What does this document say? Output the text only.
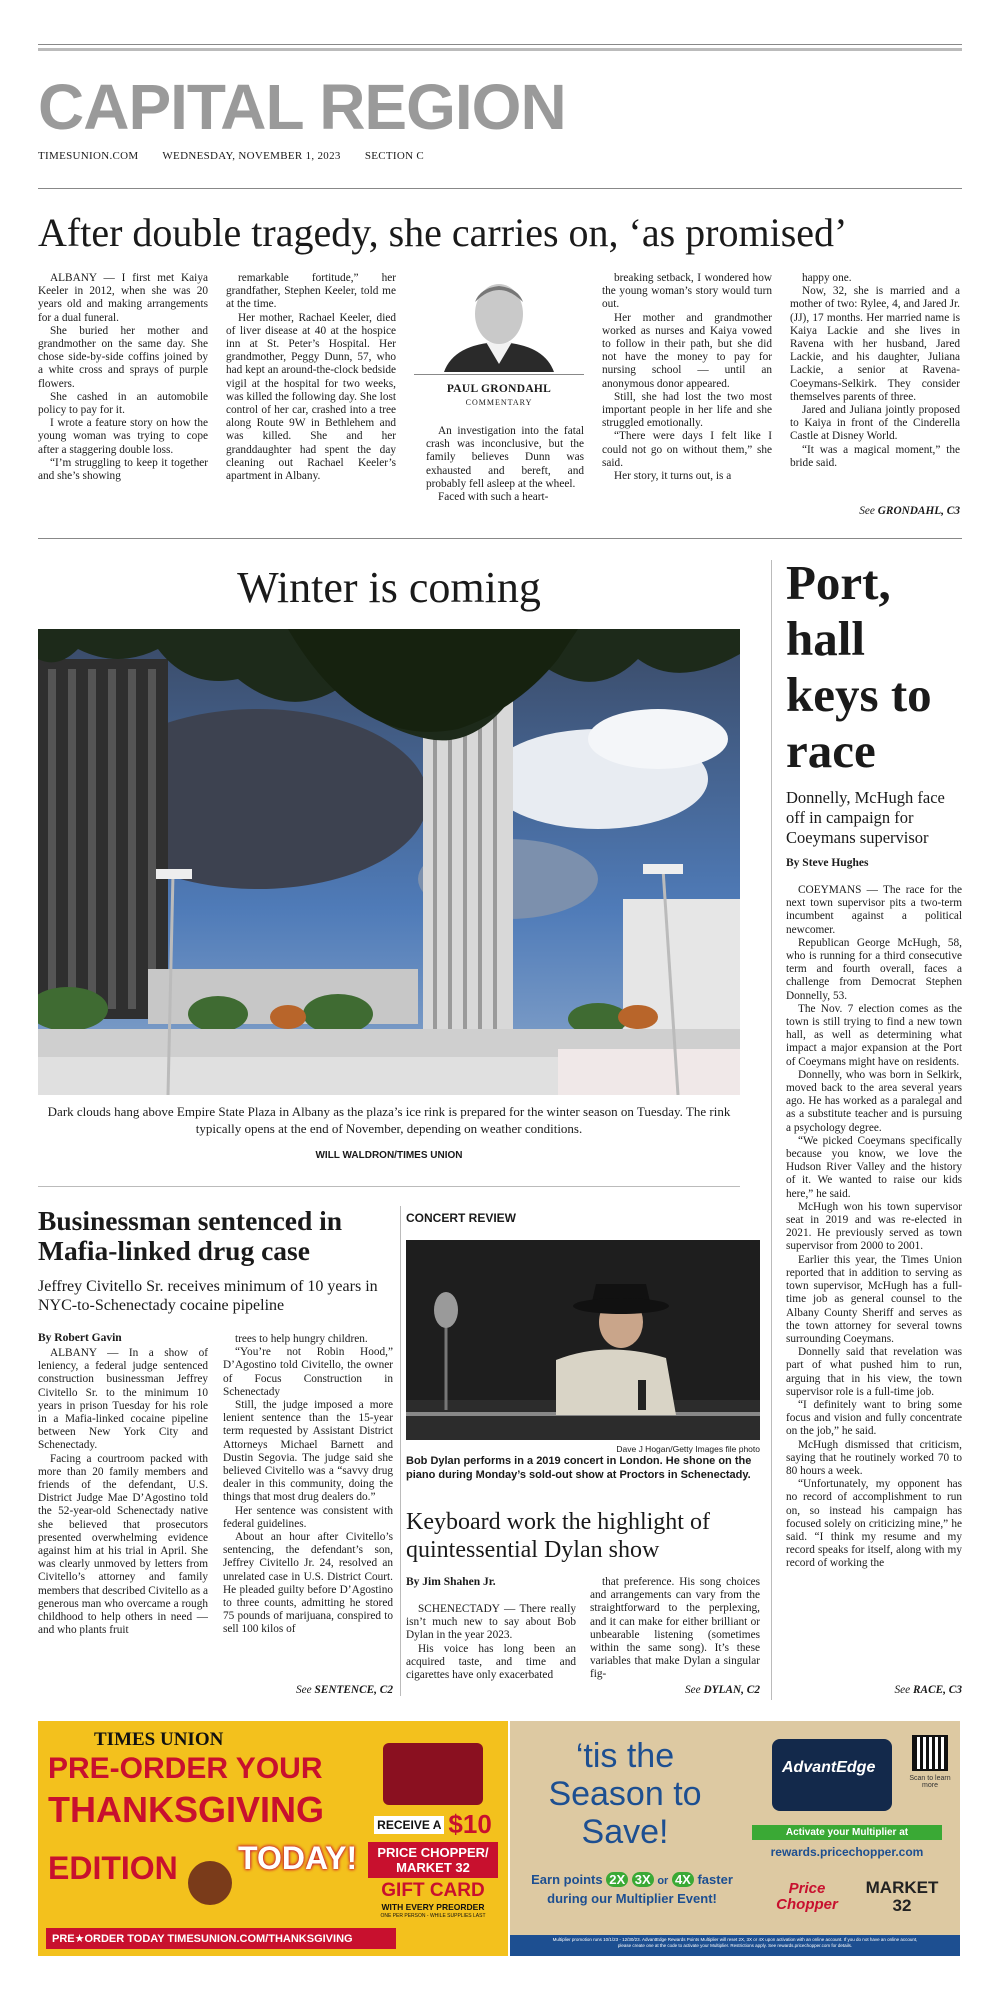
CAPITAL REGION
TIMESUNION.COM WEDNESDAY, NOVEMBER 1, 2023 SECTION C
After double tragedy, she carries on, ‘as promised’

ALBANY — I first met Kaiya Keeler in 2012, when she was 20 years old and making arrangements for a dual funeral.

She buried her mother and grandmother on the same day. She chose side-by-side coffins joined by a white cross and sprays of purple flowers.

She cashed in an automobile policy to pay for it.

I wrote a feature story on how the young woman was trying to cope after a staggering double loss.

“I’m struggling to keep it together and she’s showing

remarkable fortitude,” her grandfather, Stephen Keeler, told me at the time.

Her mother, Rachael Keeler, died of liver disease at 40 at the hospice inn at St. Peter’s Hospital. Her grandmother, Peggy Dunn, 57, who had kept an around-the-clock bedside vigil at the hospital for two weeks, was killed the following day. She lost control of her car, crashed into a tree along Route 9W in Bethlehem and was killed. She and her granddaughter had spent the day cleaning out Rachael Keeler’s apartment in Albany.

PAUL GRONDAHL
COMMENTARY

An investigation into the fatal crash was inconclusive, but the family believes Dunn was exhausted and bereft, and probably fell asleep at the wheel.

Faced with such a heart-

breaking setback, I wondered how the young woman’s story would turn out.

Her mother and grandmother worked as nurses and Kaiya vowed to follow in their path, but she did not have the money to pay for nursing school — until an anonymous donor appeared.

Still, she had lost the two most important people in her life and she struggled emotionally.

“There were days I felt like I could not go on without them,” she said.

Her story, it turns out, is a

happy one.

Now, 32, she is married and a mother of two: Rylee, 4, and Jared Jr. (JJ), 17 months. Her married name is Kaiya Lackie and she lives in Ravena with her husband, Jared Lackie, and his daughter, Juliana Lackie, a senior at Ravena-Coeymans-Selkirk. They consider themselves parents of three.

Jared and Juliana jointly proposed to Kaiya in front of the Cinderella Castle at Disney World.

“It was a magical moment,” the bride said.

See GRONDAHL, C3
Winter is coming
Dark clouds hang above Empire State Plaza in Albany as the plaza’s ice rink is prepared for the winter season on Tuesday. The rink typically opens at the end of November, depending on weather conditions.
WILL WALDRON/TIMES UNION
Businessman sentenced in Mafia-linked drug case
Jeffrey Civitello Sr. receives minimum of 10 years in NYC-to-Schenectady cocaine pipeline
By Robert Gavin

ALBANY — In a show of leniency, a federal judge sentenced construction businessman Jeffrey Civitello Sr. to the minimum 10 years in prison Tuesday for his role in a Mafia-linked cocaine pipeline between New York City and Schenectady.

Facing a courtroom packed with more than 20 family members and friends of the defendant, U.S. District Judge Mae D’Agostino told the 52-year-old Schenectady native she believed that prosecutors presented overwhelming evidence against him at his trial in April. She was clearly unmoved by letters from Civitello’s attorney and family members that described Civitello as a generous man who overcame a rough childhood to help others in need —and who plants fruit

trees to help hungry children.

“You’re not Robin Hood,” D’Agostino told Civitello, the owner of Focus Construction in Schenectady

Still, the judge imposed a more lenient sentence than the 15-year term requested by Assistant District Attorneys Michael Barnett and Dustin Segovia. The judge said she believed Civitello was a “savvy drug dealer in this community, doing the things that most drug dealers do.”

Her sentence was consistent with federal guidelines.

About an hour after Civitello’s sentencing, the defendant’s son, Jeffrey Civitello Jr. 24, resolved an unrelated case in U.S. District Court. He pleaded guilty before D’Agostino to three counts, admitting he stored 75 pounds of marijuana, conspired to sell 100 kilos of

See SENTENCE, C2
CONCERT REVIEW
Dave J Hogan/Getty Images file photo
Bob Dylan performs in a 2019 concert in London. He shone on the piano during Monday’s sold-out show at Proctors in Schenectady.
Keyboard work the highlight of quintessential Dylan show
By Jim Shahen Jr.

SCHENECTADY — There really isn’t much new to say about Bob Dylan in the year 2023.

His voice has long been an acquired taste, and time and cigarettes have only exacerbated

that preference. His song choices and arrangements can vary from the straightforward to the perplexing, and it can make for either brilliant or unbearable listening (sometimes within the same song). It’s these variables that make Dylan a singular fig-

See DYLAN, C2
Port, hall keys to race
Donnelly, McHugh face off in campaign for Coeymans supervisor
By Steve Hughes

COEYMANS — The race for the next town supervisor pits a two-term incumbent against a political newcomer.

Republican George McHugh, 58, who is running for a third consecutive term and fourth overall, faces a challenge from Democrat Stephen Donnelly, 53.

The Nov. 7 election comes as the town is still trying to find a new town hall, as well as determining what impact a major expansion at the Port of Coeymans might have on residents.

Donnelly, who was born in Selkirk, moved back to the area several years ago. He has worked as a paralegal and as a substitute teacher and is pursuing a psychology degree.

“We picked Coeymans specifically because you know, we love the Hudson River Valley and the history of it. We wanted to raise our kids here,” he said.

McHugh won his town supervisor seat in 2019 and was re-elected in 2021. He previously served as town supervisor from 2000 to 2001.

Earlier this year, the Times Union reported that in addition to serving as town supervisor, McHugh has a full-time job as general counsel to the Albany County Sheriff and serves as the town attorney for several towns surrounding Coeymans.

Donnelly said that revelation was part of what pushed him to run, arguing that in his view, the town supervisor role is a full-time job.

“I definitely want to bring some focus and vision and fully concentrate on the job,” he said.

McHugh dismissed that criticism, saying that he routinely worked 70 to 80 hours a week.

“Unfortunately, my opponent has no record of accomplishment to run on, so instead his campaign has focused solely on criticizing mine,” he said. “I think my resume and my record speaks for itself, along with my record of working the

See RACE, C3
TIMES UNION
PRE-ORDER YOUR
THANKSGIVING
EDITION TODAY!
RECEIVE A $10
PRICE CHOPPER/ MARKET 32
GIFT CARD
WITH EVERY PREORDER
ONE PER PERSON - WHILE SUPPLIES LAST
PRE★ORDER TODAY TIMESUNION.COM/THANKSGIVING
‘tis the
Season to
Save!
Earn points 2X 3X or 4X faster
during our Multiplier Event!
AdvantEdge
Scan to learn more
Activate your Multiplier at
rewards.pricechopper.com
Price Chopper
MARKET 32
Multiplier promotion runs 10/1/23 - 12/30/23. AdvantEdge Rewards Points Multiplier will reset 2X, 3X or 4X upon activation with an online account. If you do not have an online account, please create one at the code to activate your Multiplier. Restrictions apply. See rewards.pricechopper.com for details.
